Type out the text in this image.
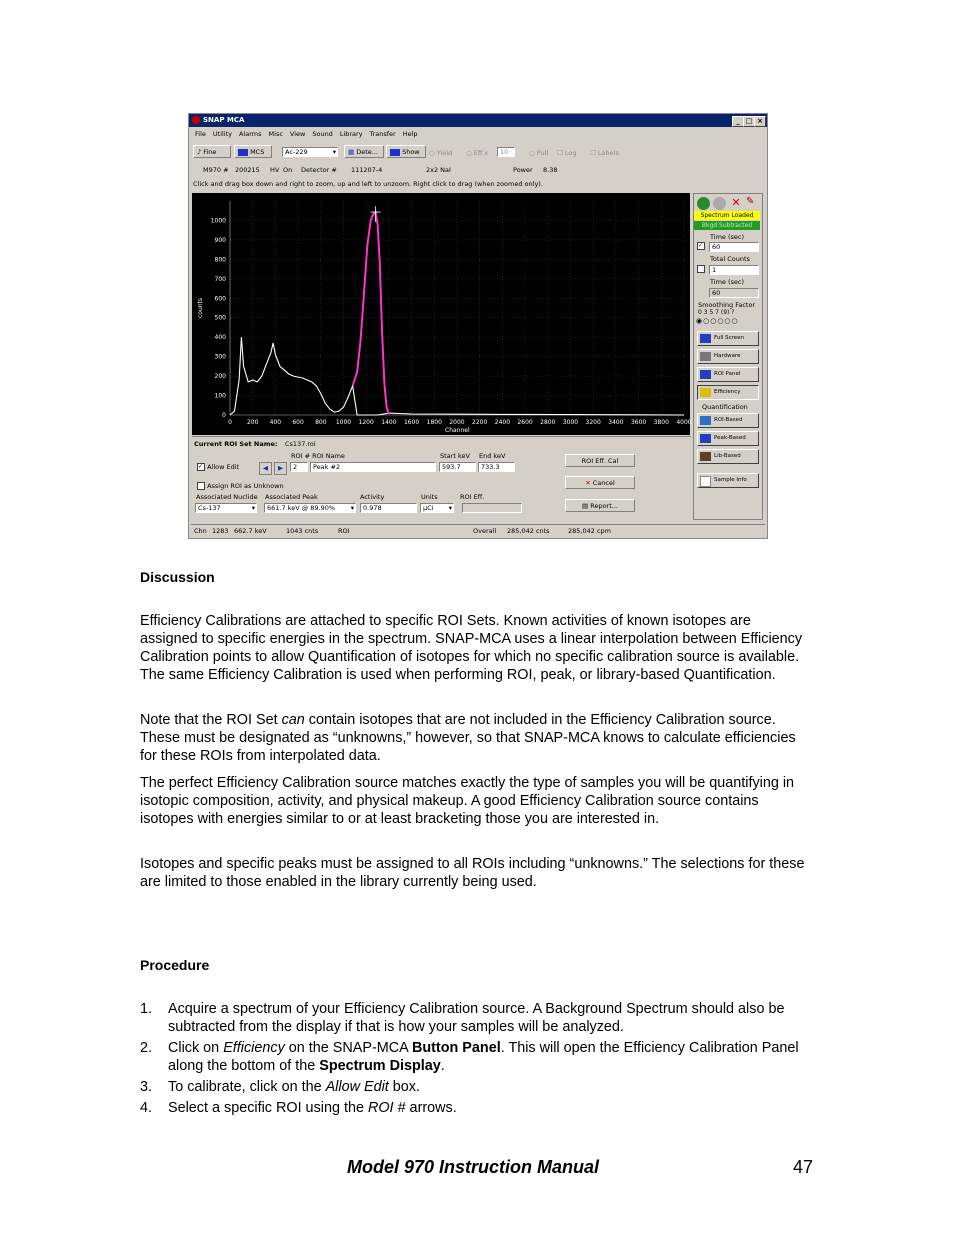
SNAP MCA	_ □ ×
File Utility Alarms Misc View Sound Library Transfer Help
♪ Fine	MCS	Ac-229	▾	▦ Dete...	Show	○ Yield ○ Eff x	10	○ Pull ☐ Log ☐ Labels
M970 # 200215 HV On Detector # 111207-4	2x2 NaI	Power 8.38
Click and drag box down and right to zoom, up and left to unzoom. Right click to drag (when zoomed only).
0	200 400 600 800 1000 1200 1400 1600 1800 2000 2200 2400 2600 2800 3000 3200 3400 3600 3800 4000
0
100
200
300
400
500
600
700
800
900
1000
Channel
counts
✕ ✎
Spectrum Loaded
Bkgd Subtracted
Time (sec)
✓	60
Total Counts
1
Time (sec)
60
Smoothing Factor
0 3 5 7 (9) ?
◉○○○○○
Full Screen
Hardware
ROI Panel
Efficiency
Quantification
ROI-Based
Peak-Based
Lib-Based
Sample Info
Current ROI Set Name: Cs137.roi
ROI # ROI Name	Start keV End keV
✓ Allow Edit	◀	▶	2	Peak #2	593.7	733.3
Assign ROI as Unknown
Associated Nuclide Associated Peak	Activity	Units	ROI Eff.
Cs-137	▾	661.7 keV @ 89.90% ▾	0.978	µCi ▾
ROI Eff. Cal
✕ Cancel
▤ Report...
Chn 1283 662.7 keV	1043 cnts	ROI	Overall 285,042 cnts	285,042 cpm
Discussion

Efficiency Calibrations are attached to specific ROI Sets. Known activities of known isotopes are assigned to specific energies in the spectrum. SNAP-MCA uses a linear interpolation between Efficiency Calibration points to allow Quantification of isotopes for which no specific calibration source is available. The same Efficiency Calibration is used when performing ROI, peak, or library-based Quantification.

Note that the ROI Set can contain isotopes that are not included in the Efficiency Calibration source. These must be designated as “unknowns,” however, so that SNAP-MCA knows to calculate efficiencies for these ROIs from interpolated data.

The perfect Efficiency Calibration source matches exactly the type of samples you will be quantifying in isotopic composition, activity, and physical makeup. A good Efficiency Calibration source contains isotopes with energies similar to or at least bracketing those you are interested in.

Isotopes and specific peaks must be assigned to all ROIs including “unknowns.” The selections for these are limited to those enabled in the library currently being used.

Procedure
1. Acquire a spectrum of your Efficiency Calibration source. A Background Spectrum should also be subtracted from the display if that is how your samples will be analyzed.
2. Click on Efficiency on the SNAP-MCA Button Panel. This will open the Efficiency Calibration Panel along the bottom of the Spectrum Display.
3. To calibrate, click on the Allow Edit box.
4. Select a specific ROI using the ROI # arrows.
Model 970 Instruction Manual	47
